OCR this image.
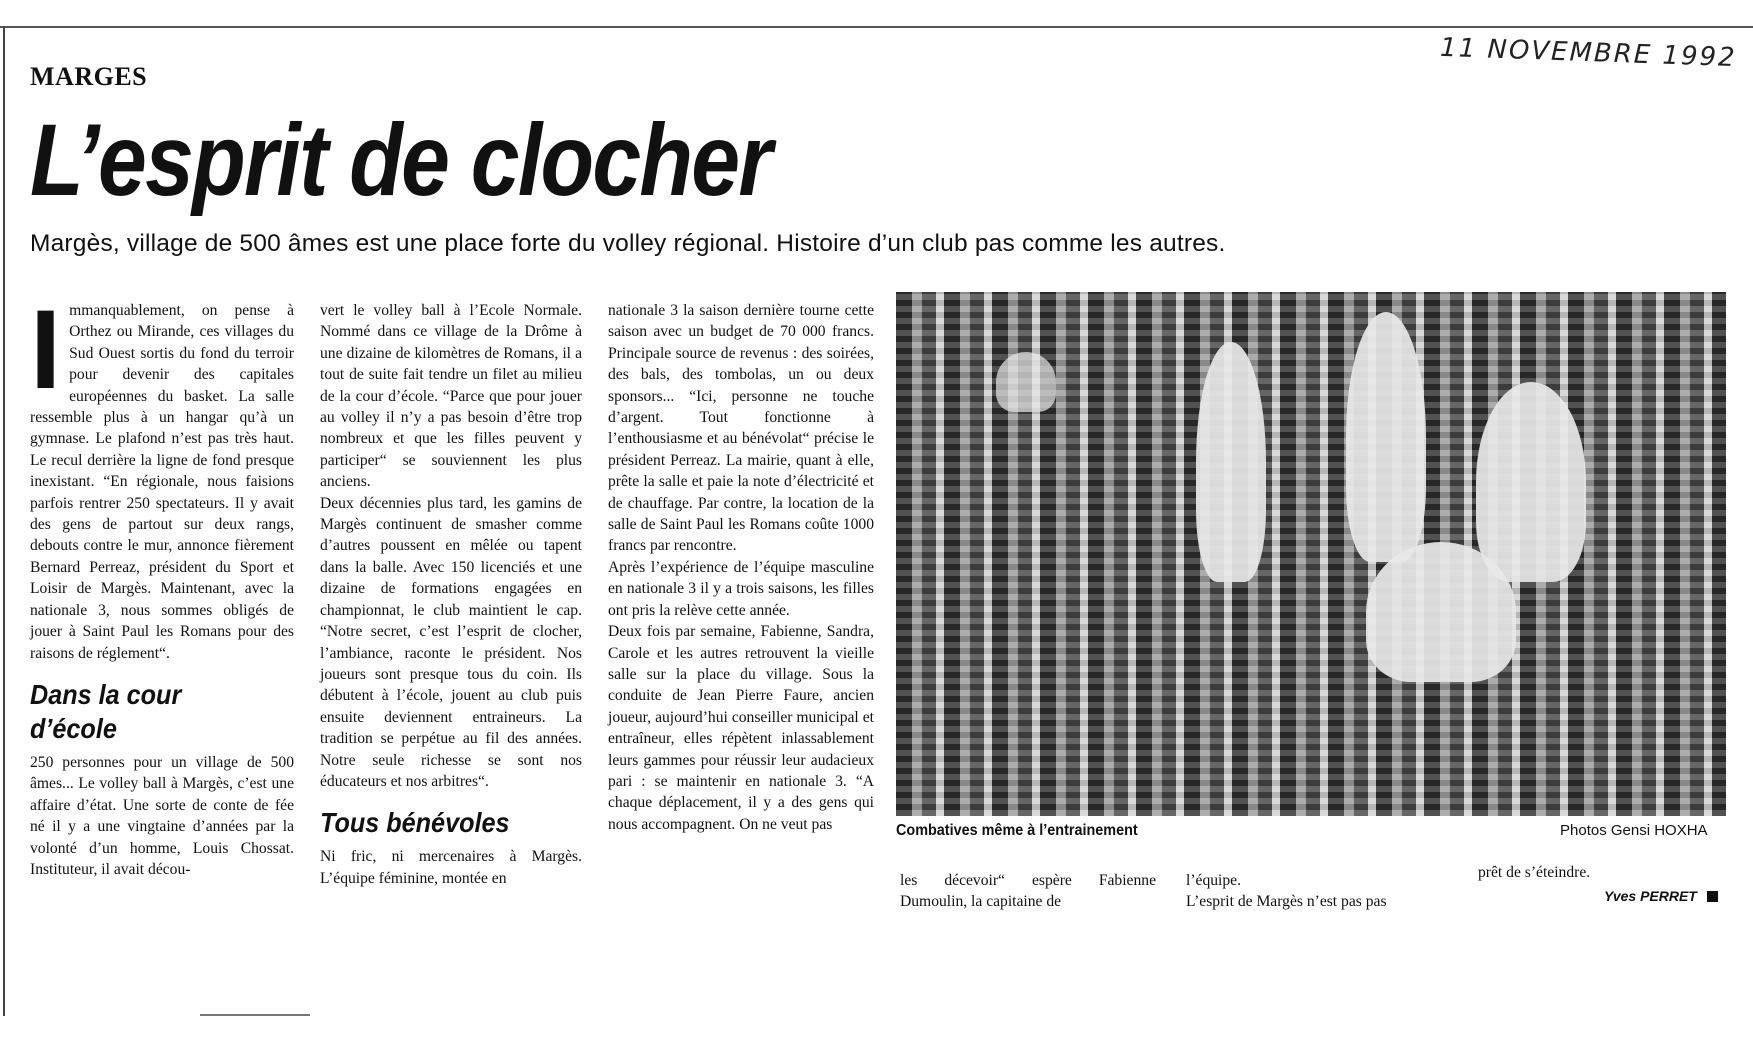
11 NOVEMBRE 1992
MARGES
L’esprit de clocher
Margès, village de 500 âmes est une place forte du volley régional. Histoire d’un club pas comme les autres.
I mmanquablement, on pense à Orthez ou Mirande, ces villages du Sud Ouest sortis du fond du terroir pour devenir des capitales européennes du basket. La salle ressemble plus à un hangar qu’à un gymnase. Le plafond n’est pas très haut. Le recul derrière la ligne de fond presque inexistant. “En régionale, nous faisions parfois rentrer 250 spectateurs. Il y avait des gens de partout sur deux rangs, debouts contre le mur, annonce fièrement Bernard Perreaz, président du Sport et Loisir de Margès. Maintenant, avec la nationale 3, nous sommes obligés de jouer à Saint Paul les Romans pour des raisons de réglement“.

Dans la cour d’école

250 personnes pour un village de 500 âmes... Le volley ball à Margès, c’est une affaire d’état. Une sorte de conte de fée né il y a une vingtaine d’années par la volonté d’un homme, Louis Chossat. Instituteur, il avait décou-

vert le volley ball à l’Ecole Normale. Nommé dans ce village de la Drôme à une dizaine de kilomètres de Romans, il a tout de suite fait tendre un filet au milieu de la cour d’école. “Parce que pour jouer au volley il n’y a pas besoin d’être trop nombreux et que les filles peuvent y participer“ se souviennent les plus anciens.

Deux décennies plus tard, les gamins de Margès continuent de smasher comme d’autres poussent en mêlée ou tapent dans la balle. Avec 150 licenciés et une dizaine de formations engagées en championnat, le club maintient le cap. “Notre secret, c’est l’esprit de clocher, l’ambiance, raconte le président. Nos joueurs sont presque tous du coin. Ils débutent à l’école, jouent au club puis ensuite deviennent entraineurs. La tradition se perpétue au fil des années. Notre seule richesse se sont nos éducateurs et nos arbitres“.

Tous bénévoles

Ni fric, ni mercenaires à Margès. L’équipe féminine, montée en

nationale 3 la saison dernière tourne cette saison avec un budget de 70 000 francs. Principale source de revenus : des soirées, des bals, des tombolas, un ou deux sponsors... “Ici, personne ne touche d’argent. Tout fonctionne à l’enthousiasme et au bénévolat“ précise le président Perreaz. La mairie, quant à elle, prête la salle et paie la note d’électricité et de chauffage. Par contre, la location de la salle de Saint Paul les Romans coûte 1000 francs par rencontre.

Après l’expérience de l’équipe masculine en nationale 3 il y a trois saisons, les filles ont pris la relève cette année.

Deux fois par semaine, Fabienne, Sandra, Carole et les autres retrouvent la vieille salle sur la place du village. Sous la conduite de Jean Pierre Faure, ancien joueur, aujourd’hui conseiller municipal et entraîneur, elles répètent inlassablement leurs gammes pour réussir leur audacieux pari : se maintenir en nationale 3. “A chaque déplacement, il y a des gens qui nous accompagnent. On ne veut pas	Combatives même à l’entrainement	Photos Gensi HOXHA

les décevoir“ espère Fabienne Dumoulin, la capitaine de

l’équipe.

L’esprit de Margès n’est pas pas

prêt de s’éteindre.

Yves PERRET
